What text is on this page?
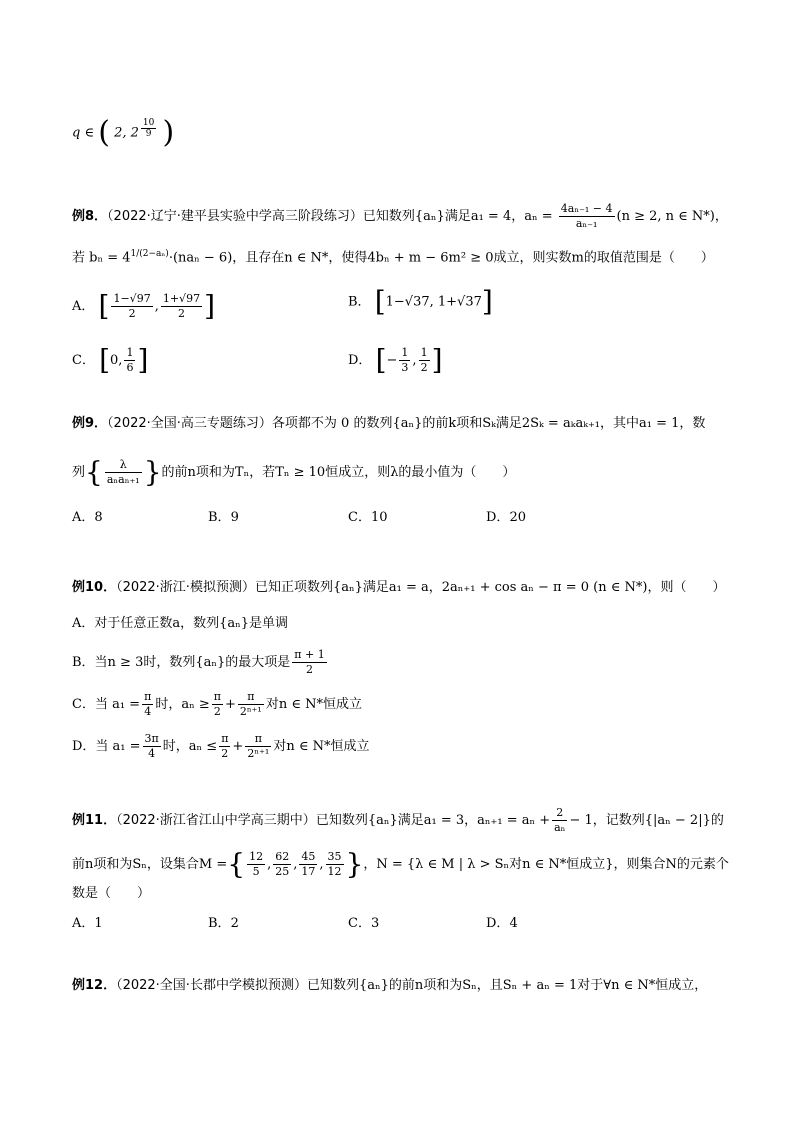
q ∈ ( 2, 2 $^{\frac{10}{9}}$ )
例8．（2022·辽宁·建平县实验中学高三阶段练习）已知数列{aₙ}满足a₁ = 4，$a_n = \frac{\text{4aₙ₋₁ − 4}}{\text{aₙ₋₁}} (n \ge 2$, n ∈ N*)，
若 $b_n = 4^{1/(2-a_n)}\cdot(na_n - 6)$，且存在n ∈ N*，使得4bₙ + m − 6m² ≥ 0成立，则实数m的取值范围是（　　）
A． [ $\frac{1-√97}{2}$ , $\frac{1+√97}{2}$ ]	B． [1−√37, 1+√37]
C． [0, $\frac{1}{6}$ ]	D． [− $\frac{1}{3}$ , $\frac{1}{2}$ ]
例9．（2022·全国·高三专题练习）各项都不为 0 的数列{aₙ}的前k项和Sₖ满足2Sₖ = aₖaₖ₊₁，其中a₁ = 1，数
列{ $\frac{\lambda}{\text{aₙaₙ₊₁}}$ }的前n项和为Tₙ，若Tₙ ≥ 10恒成立，则λ的最小值为（　　）
A．8	B．9	C．10	D．20
例10．（2022·浙江·模拟预测）已知正项数列{aₙ}满足a₁ = a，2aₙ₊₁ + cos aₙ − π = 0 (n ∈ N*)，则（　　）
A．对于任意正数a，数列{aₙ}是单调
B．当n ≥ 3时，数列{aₙ}的最大项是 $\frac{\pi + 1}{2}$
C．当 $a_1 = \frac{\pi}{4}$ 时，$a_n \ge \frac{\pi}{2} + \frac{\pi}{\text{2ⁿ⁺¹}}$ 对n ∈ N*恒成立
D．当 $a_1 = \frac{3\pi}{4}$ 时，$a_n \le \frac{\pi}{2} + \frac{\pi}{\text{2ⁿ⁺¹}}$ 对n ∈ N*恒成立
例11．（2022·浙江省江山中学高三期中）已知数列{aₙ}满足a₁ = 3，$a_{n+1} = a_n + \frac{2}{\text{aₙ}} - 1$，记数列{|aₙ − 2|}的
前n项和为Sₙ，设集合M ={ $\frac{12}{5}$ , $\frac{62}{25}$ , $\frac{45}{17}$ , $\frac{35}{12}$ }，N = {λ ∈ M | λ > Sₙ对n ∈ N*恒成立}，则集合N的元素个
数是（　　）
A．1	B．2	C．3	D．4
例12．（2022·全国·长郡中学模拟预测）已知数列{aₙ}的前n项和为Sₙ，且Sₙ + aₙ = 1对于∀n ∈ N*恒成立，
